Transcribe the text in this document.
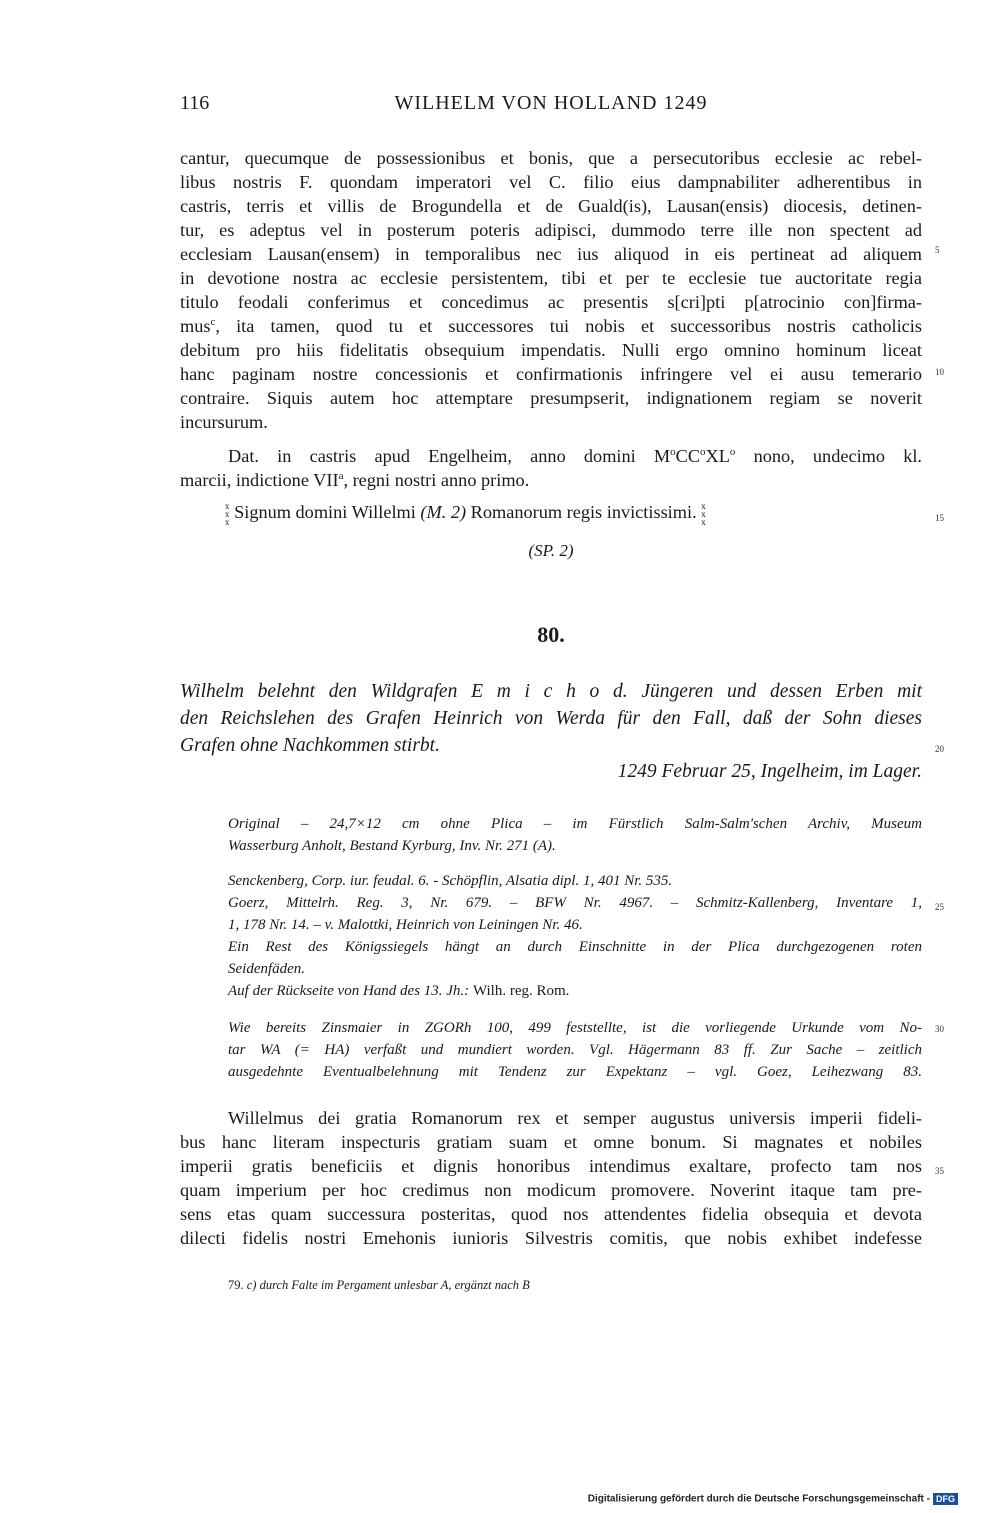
116	WILHELM VON HOLLAND 1249
cantur, quecumque de possessionibus et bonis, que a persecutoribus ecclesie ac rebel-
libus nostris F. quondam imperatori vel C. filio eius dampnabiliter adherentibus in
castris, terris et villis de Brogundella et de Guald(is), Lausan(ensis) diocesis, detinen-
tur, es adeptus vel in posterum poteris adipisci, dummodo terre ille non spectent ad
ecclesiam Lausan(ensem) in temporalibus nec ius aliquod in eis pertineat ad aliquem
in devotione nostra ac ecclesie persistentem, tibi et per te ecclesie tue auctoritate regia
titulo feodali conferimus et concedimus ac presentis s[cri]pti p[atrocinio con]firma-
mus$^c$, ita tamen, quod tu et successores tui nobis et successoribus nostris catholicis
debitum pro hiis fidelitatis obsequium impendatis. Nulli ergo omnino hominum liceat
hanc paginam nostre concessionis et confirmationis infringere vel ei ausu temerario
contraire. Siquis autem hoc attemptare presumpserit, indignationem regiam se noverit
incursurum.
Dat. in castris apud Engelheim, anno domini $M^oCC^oXL^o$ nono, undecimo kl.
marcii, indictione VII$^a$, regni nostri anno primo.
x
x
x Signum domini Willelmi (M. 2) Romanorum regis invictissimi. x
x
x
(SP. 2)
80.
Wilhelm belehnt den Wildgrafen E m i c h o d. Jüngeren und dessen Erben mit
den Reichslehen des Grafen Heinrich von Werda für den Fall, daß der Sohn dieses
Grafen ohne Nachkommen stirbt.
1249 Februar 25, Ingelheim, im Lager.
Original – 24,7×12 cm ohne Plica – im Fürstlich Salm-Salm'schen Archiv, Museum
Wasserburg Anholt, Bestand Kyrburg, Inv. Nr. 271 (A).
Senckenberg, Corp. iur. feudal. 6. - Schöpflin, Alsatia dipl. 1, 401 Nr. 535.
Goerz, Mittelrh. Reg. 3, Nr. 679. – BFW Nr. 4967. – Schmitz-Kallenberg, Inventare 1,
1, 178 Nr. 14. – v. Malottki, Heinrich von Leiningen Nr. 46.
Ein Rest des Königssiegels hängt an durch Einschnitte in der Plica durchgezogenen roten
Seidenfäden.
Auf der Rückseite von Hand des 13. Jh.: Wilh. reg. Rom.
Wie bereits Zinsmaier in ZGORh 100, 499 feststellte, ist die vorliegende Urkunde vom No-
tar WA (= HA) verfaßt und mundiert worden. Vgl. Hägermann 83 ff. Zur Sache – zeitlich
ausgedehnte Eventualbelehnung mit Tendenz zur Expektanz – vgl. Goez, Leihezwang 83.
Willelmus dei gratia Romanorum rex et semper augustus universis imperii fideli-
bus hanc literam inspecturis gratiam suam et omne bonum. Si magnates et nobiles
imperii gratis beneficiis et dignis honoribus intendimus exaltare, profecto tam nos
quam imperium per hoc credimus non modicum promovere. Noverint itaque tam pre-
sens etas quam successura posteritas, quod nos attendentes fidelia obsequia et devota
dilecti fidelis nostri Emehonis iunioris Silvestris comitis, que nobis exhibet indefesse
5
10
15
20
25
30
35
79. c) durch Falte im Pergament unlesbar A, ergänzt nach B
Digitalisierung gefördert durch die Deutsche Forschungsgemeinschaft - DFG
